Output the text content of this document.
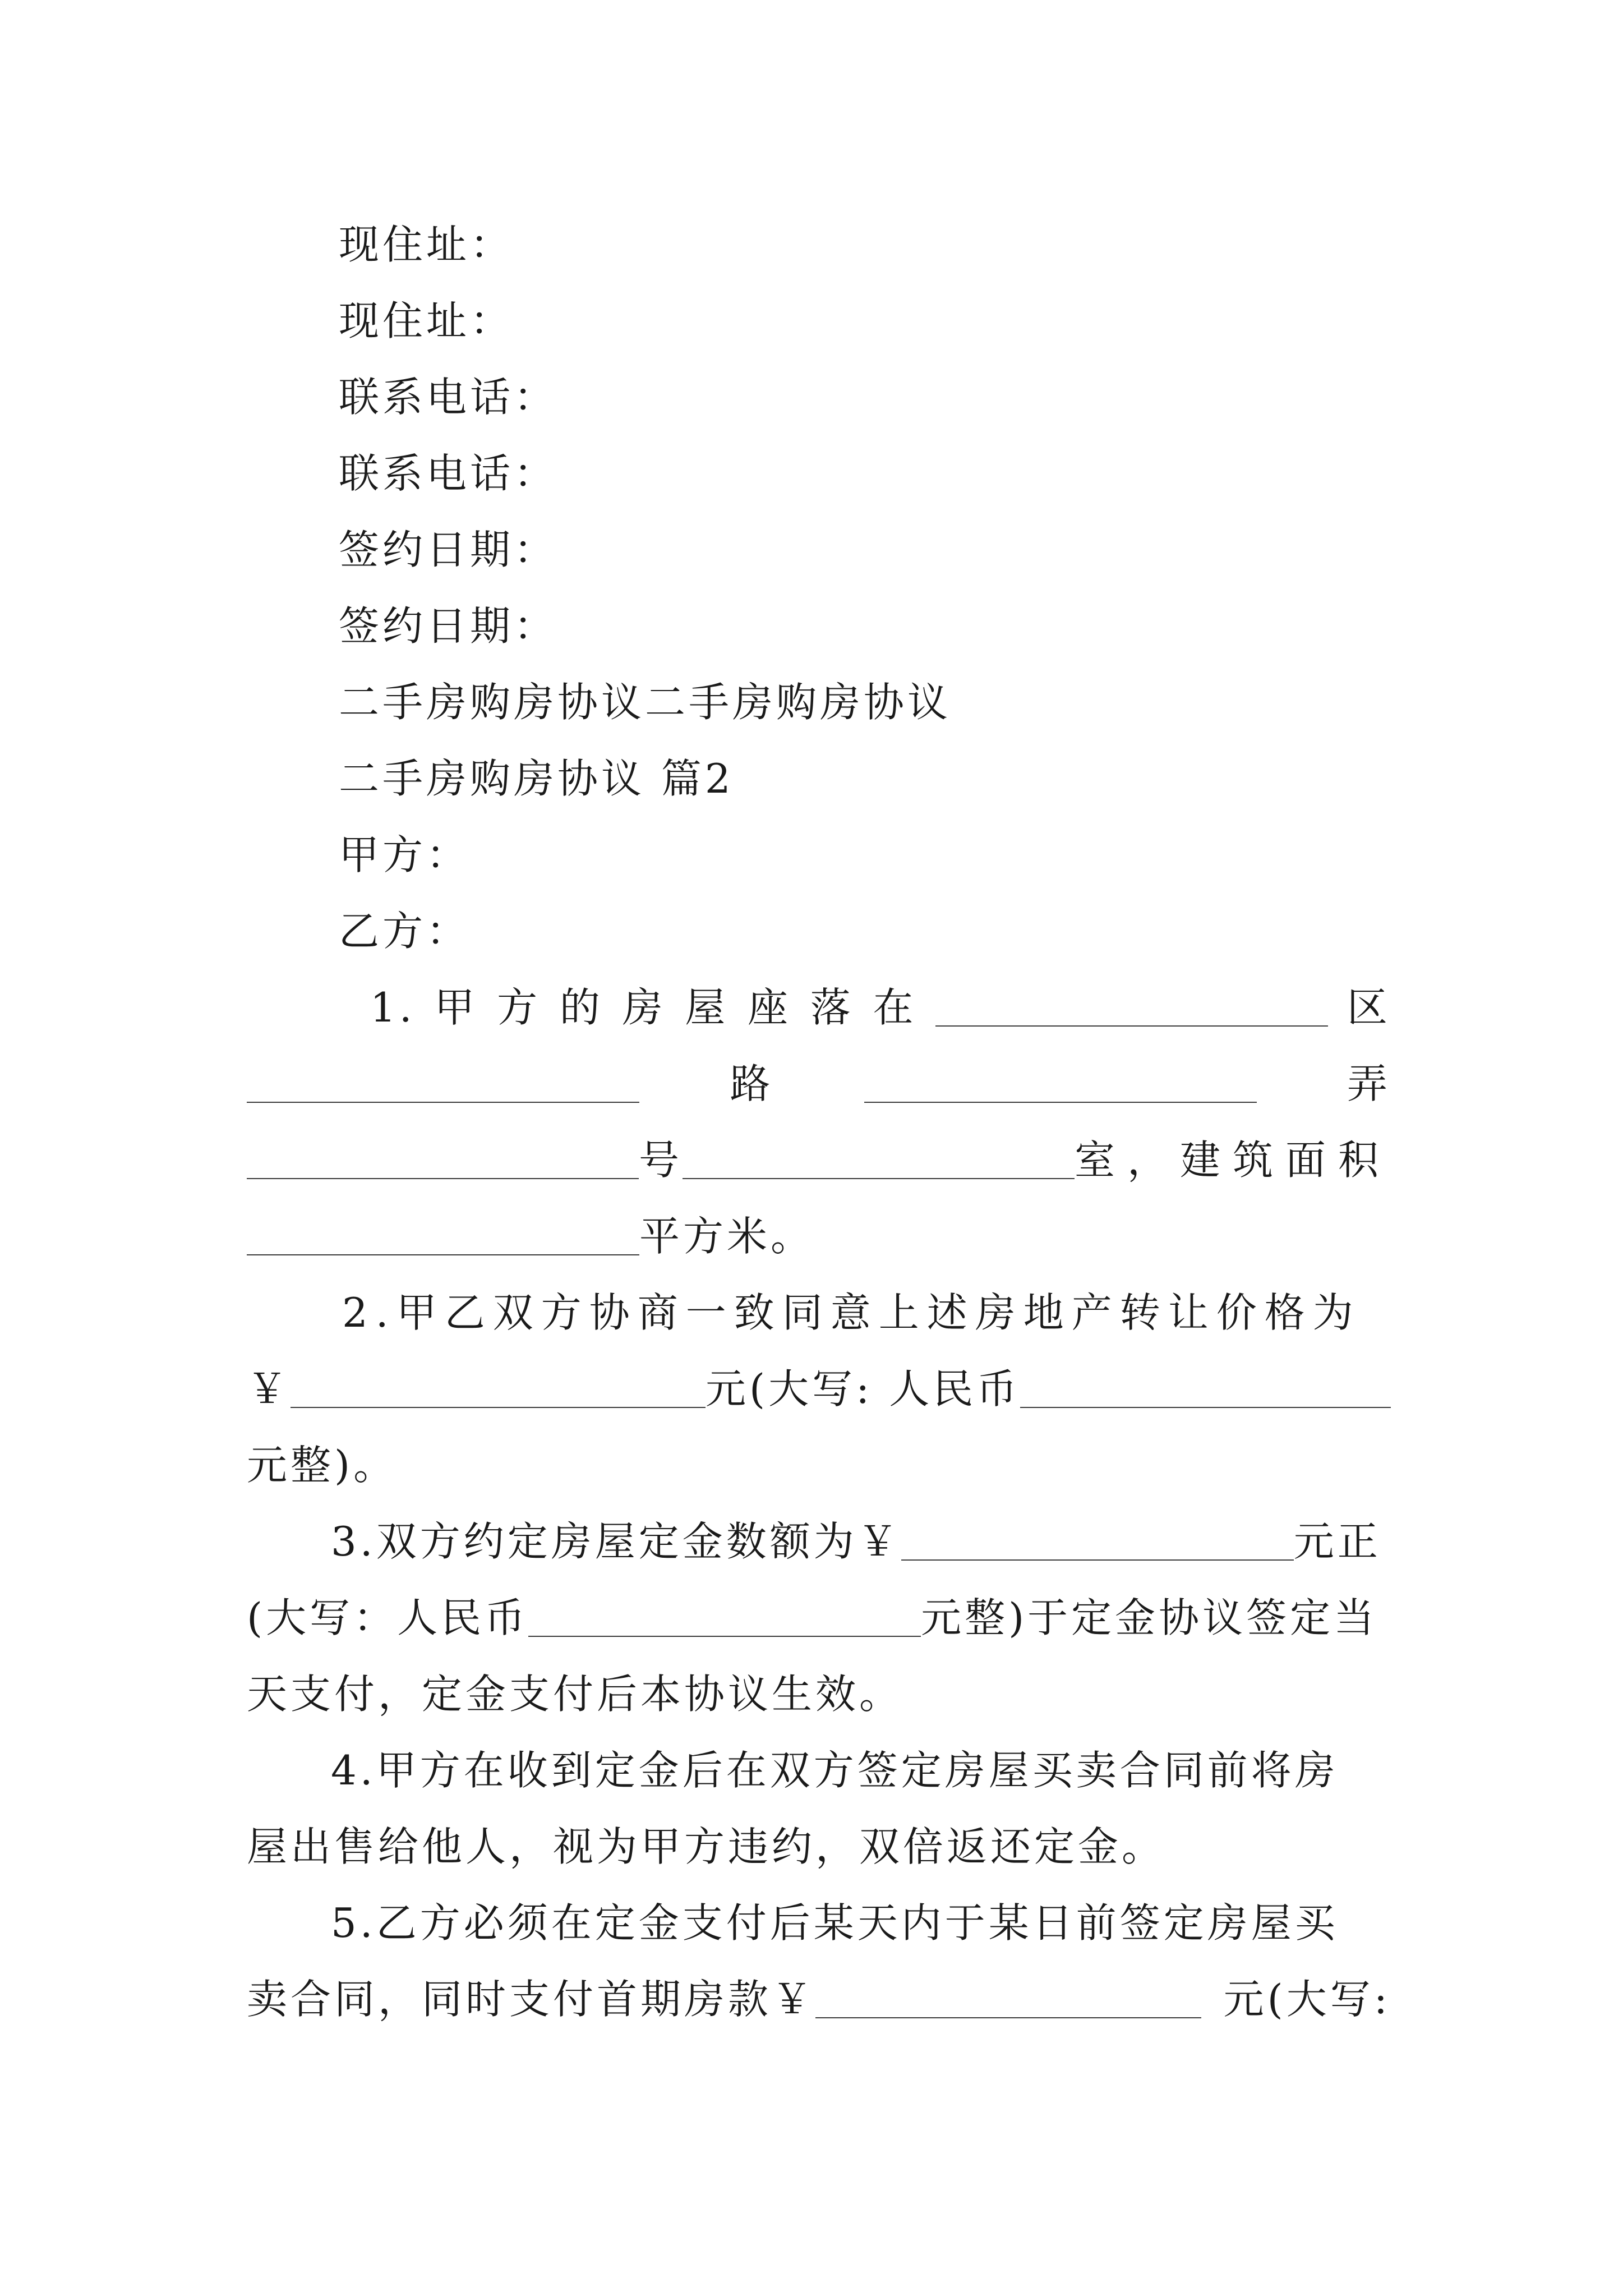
现住址：
现住址：
联系电话：
联系电话：
签约日期：
签约日期：
二手房购房协议二手房购房协议
二手房购房协议 篇2
甲方：
乙方：
1. 甲 方 的 房 屋 座 落 在	区
路	弄
号	室，建筑面积
平方米。
2.甲乙双方协商一致同意上述房地产转让价格为
￥	元(大写: 人民币
元整)。
3.双方约定房屋定金数额为￥	元正
(大写：人民币	元整)于定金协议签定当
天支付，定金支付后本协议生效。
4.甲方在收到定金后在双方签定房屋买卖合同前将房
屋出售给他人，视为甲方违约，双倍返还定金。
5.乙方必须在定金支付后某天内于某日前签定房屋买
卖合同，同时支付首期房款￥	元(大写:
